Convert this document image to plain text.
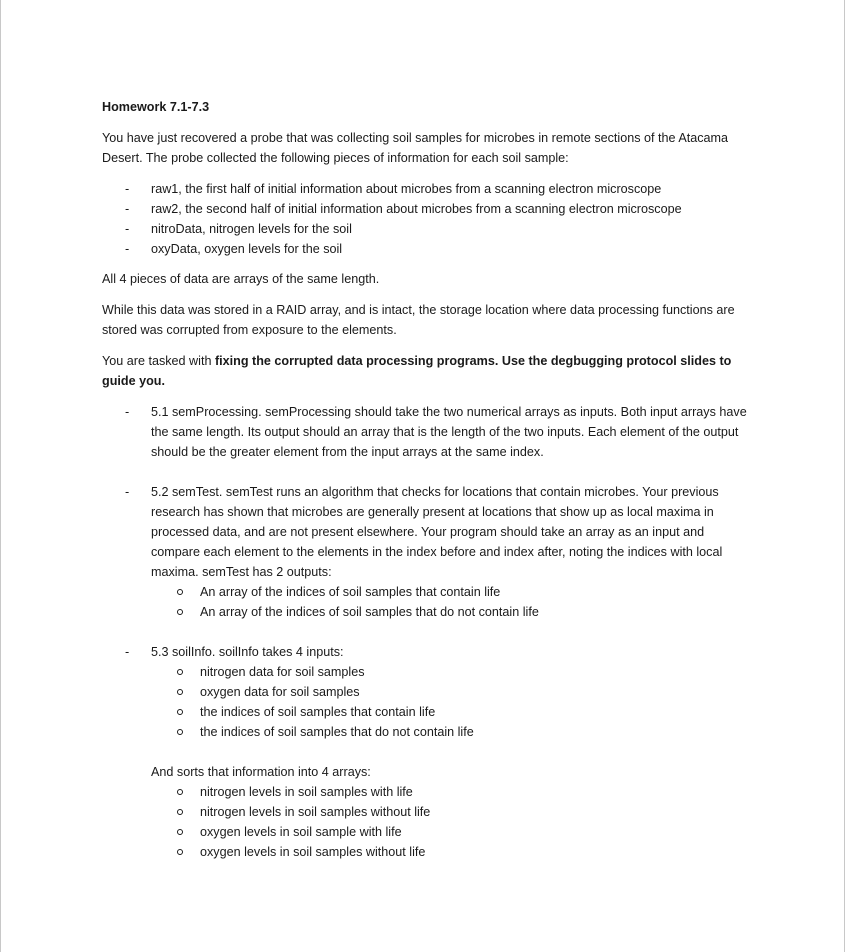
Homework 7.1-7.3

You have just recovered a probe that was collecting soil samples for microbes in remote sections of the Atacama Desert. The probe collected the following pieces of information for each soil sample:

- raw1, the first half of initial information about microbes from a scanning electron microscope
- raw2, the second half of initial information about microbes from a scanning electron microscope
- nitroData, nitrogen levels for the soil
- oxyData, oxygen levels for the soil

All 4 pieces of data are arrays of the same length.

While this data was stored in a RAID array, and is intact, the storage location where data processing functions are stored was corrupted from exposure to the elements.

You are tasked with fixing the corrupted data processing programs. Use the degbugging protocol slides to guide you.

- 5.1 semProcessing. semProcessing should take the two numerical arrays as inputs. Both input arrays have the same length. Its output should an array that is the length of the two inputs. Each element of the output should be the greater element from the input arrays at the same index.
- 5.2 semTest. semTest runs an algorithm that checks for locations that contain microbes. Your previous research has shown that microbes are generally present at locations that show up as local maxima in processed data, and are not present elsewhere. Your program should take an array as an input and compare each element to the elements in the index before and index after, noting the indices with local maxima. semTest has 2 outputs:
An array of the indices of soil samples that contain life
An array of the indices of soil samples that do not contain life
- 5.3 soilInfo. soilInfo takes 4 inputs:
nitrogen data for soil samples
oxygen data for soil samples
the indices of soil samples that contain life
the indices of soil samples that do not contain life
And sorts that information into 4 arrays:
nitrogen levels in soil samples with life
nitrogen levels in soil samples without life
oxygen levels in soil sample with life
oxygen levels in soil samples without life
